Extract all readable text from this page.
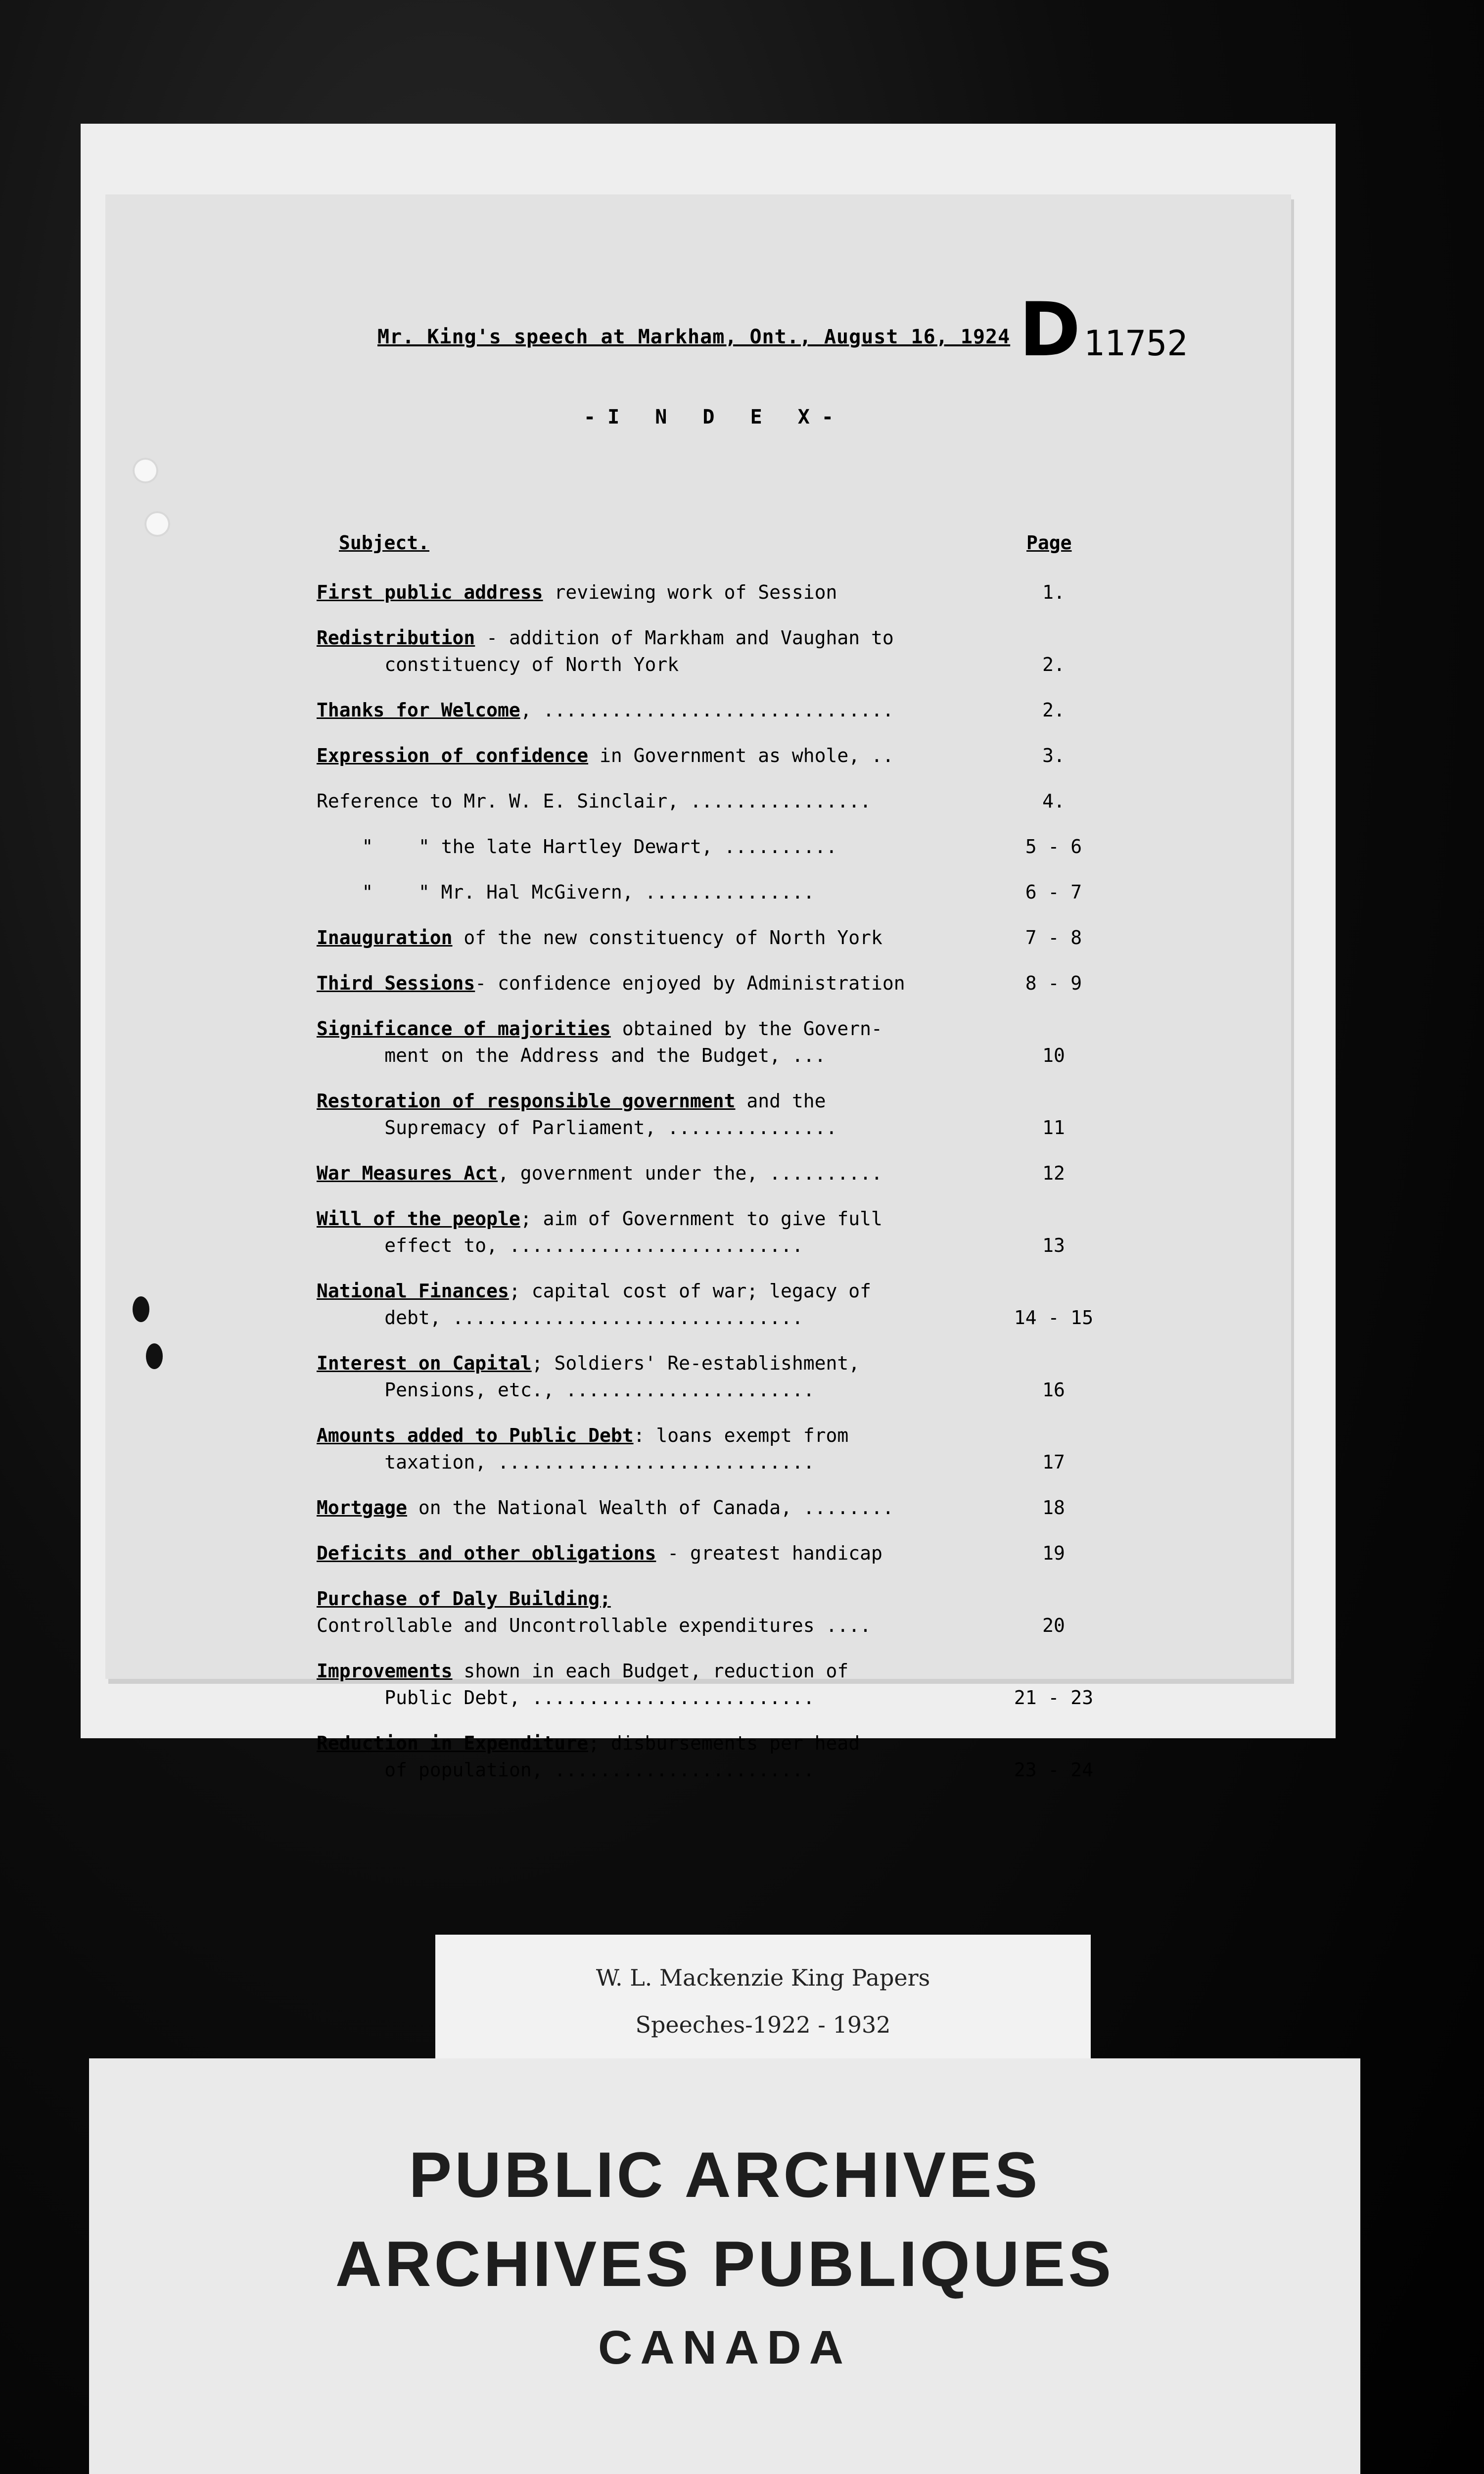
Mr. King's speech at Markham, Ont., August 16, 1924 D 11752
-I N D E X-
Subject.	Page
First public address reviewing work of Session	1.
Redistribution - addition of Markham and Vaughan to
constituency of North York	2.
Thanks for Welcome, ...............................	2.
Expression of confidence in Government as whole, ..	3.
Reference to Mr. W. E. Sinclair, ................	4.
"    " the late Hartley Dewart, ..........	5 - 6
"    " Mr. Hal McGivern, ...............	6 - 7
Inauguration of the new constituency of North York	7 - 8
Third Sessions- confidence enjoyed by Administration	8 - 9
Significance of majorities obtained by the Govern-
ment on the Address and the Budget, ...	10
Restoration of responsible government and the
Supremacy of Parliament, ...............	11
War Measures Act, government under the, ..........	12
Will of the people; aim of Government to give full
effect to, ..........................	13
National Finances; capital cost of war; legacy of
debt, ...............................	14 - 15
Interest on Capital; Soldiers' Re-establishment,
Pensions, etc., ......................	16
Amounts added to Public Debt: loans exempt from
taxation, ............................	17
Mortgage on the National Wealth of Canada, ........	18
Deficits and other obligations - greatest handicap	19
Purchase of Daly Building;
Controllable and Uncontrollable expenditures ....	20
Improvements shown in each Budget, reduction of
Public Debt, .........................	21 - 23
Reduction in Expenditure; disbursements per head
of population, .......................	23 - 24
W. L. Mackenzie King Papers
Speeches-1922 - 1932
PUBLIC ARCHIVES
ARCHIVES PUBLIQUES
CANADA
